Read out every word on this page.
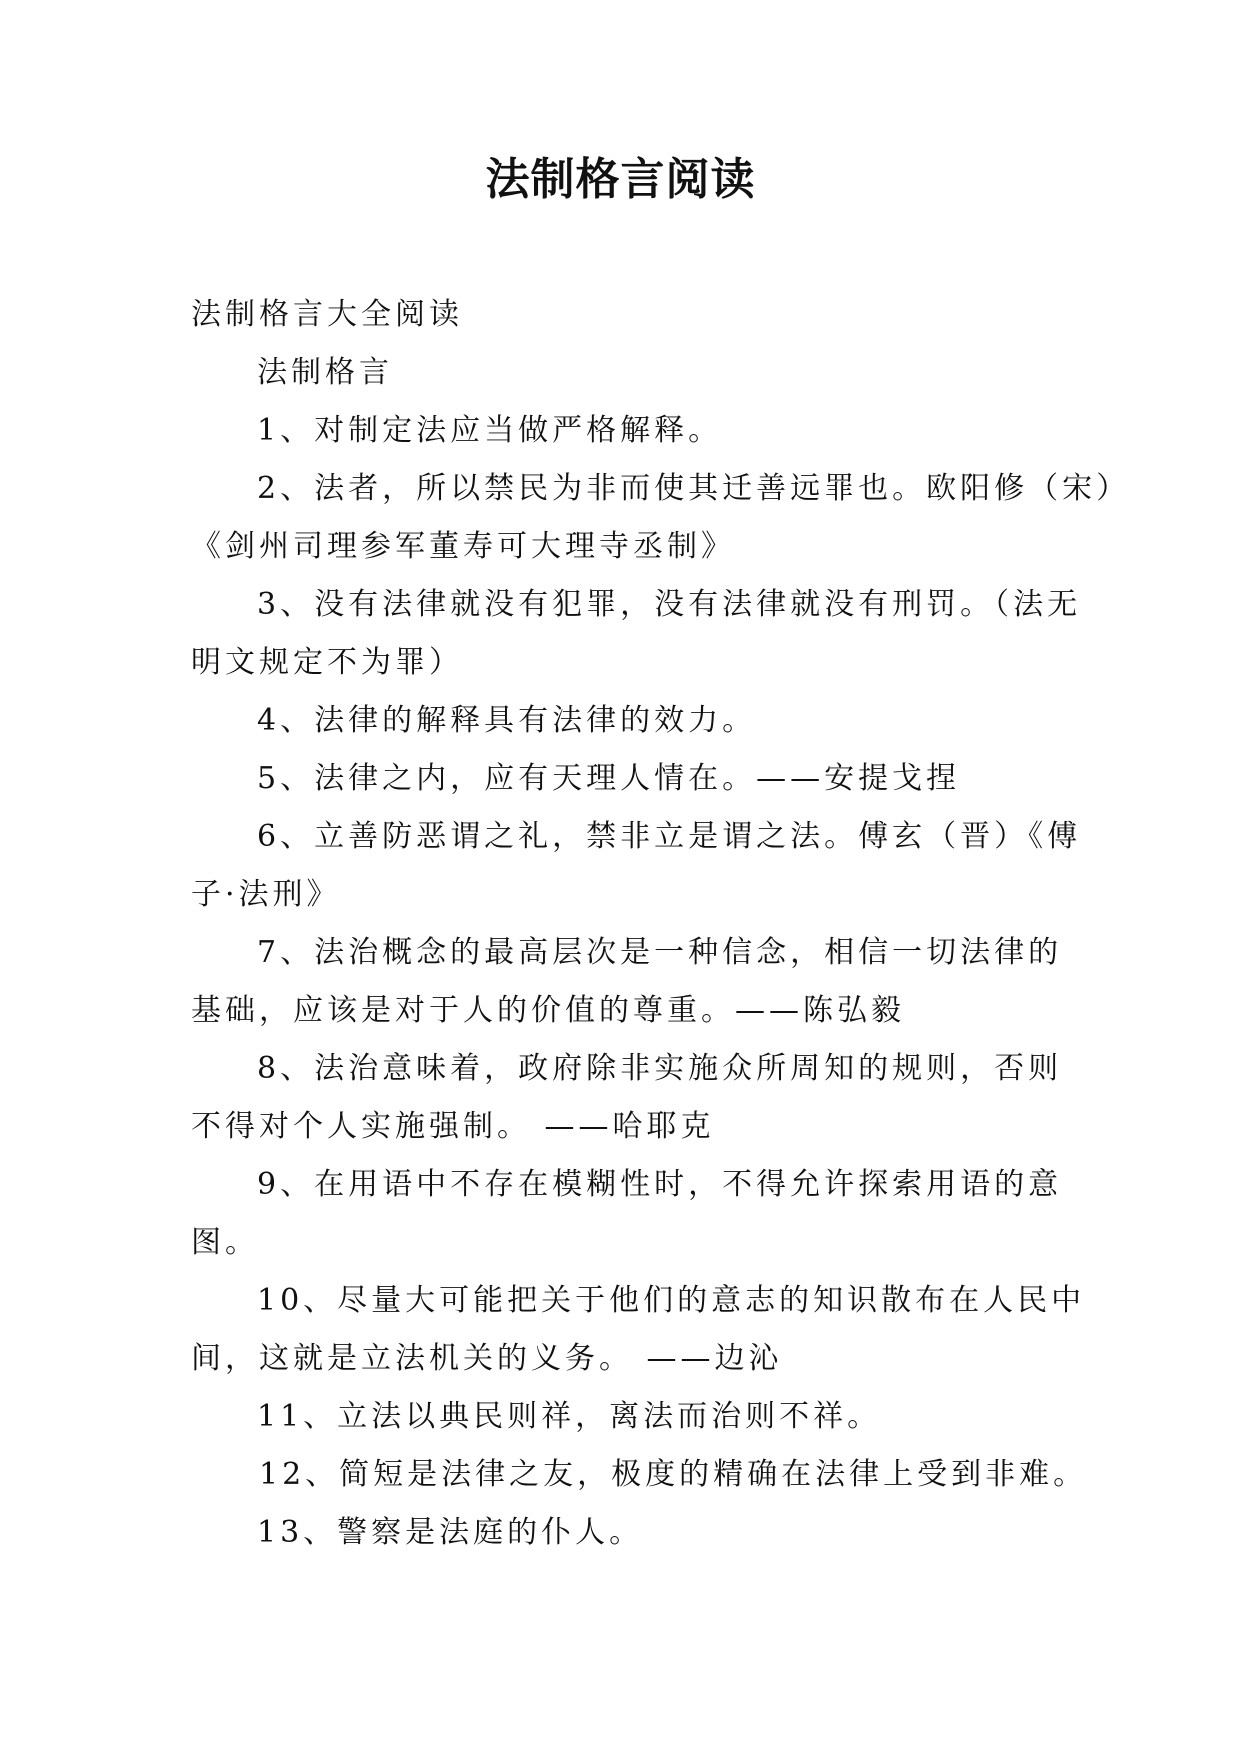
法制格言阅读

法制格言大全阅读

法制格言

1、对制定法应当做严格解释。

2、法者，所以禁民为非而使其迁善远罪也。欧阳修（宋）

《剑州司理参军董寿可大理寺丞制》

3、没有法律就没有犯罪，没有法律就没有刑罚。（法无

明文规定不为罪）

4、法律的解释具有法律的效力。

5、法律之内，应有天理人情在。——安提戈捏

6、立善防恶谓之礼，禁非立是谓之法。傅玄（晋）《傅

子·法刑》

7、法治概念的最高层次是一种信念，相信一切法律的

基础，应该是对于人的价值的尊重。——陈弘毅

8、法治意味着，政府除非实施众所周知的规则，否则

不得对个人实施强制。 ——哈耶克

9、在用语中不存在模糊性时，不得允许探索用语的意

图。

10、尽量大可能把关于他们的意志的知识散布在人民中

间，这就是立法机关的义务。 ——边沁

11、立法以典民则祥，离法而治则不祥。

12、简短是法律之友，极度的精确在法律上受到非难。

13、警察是法庭的仆人。
